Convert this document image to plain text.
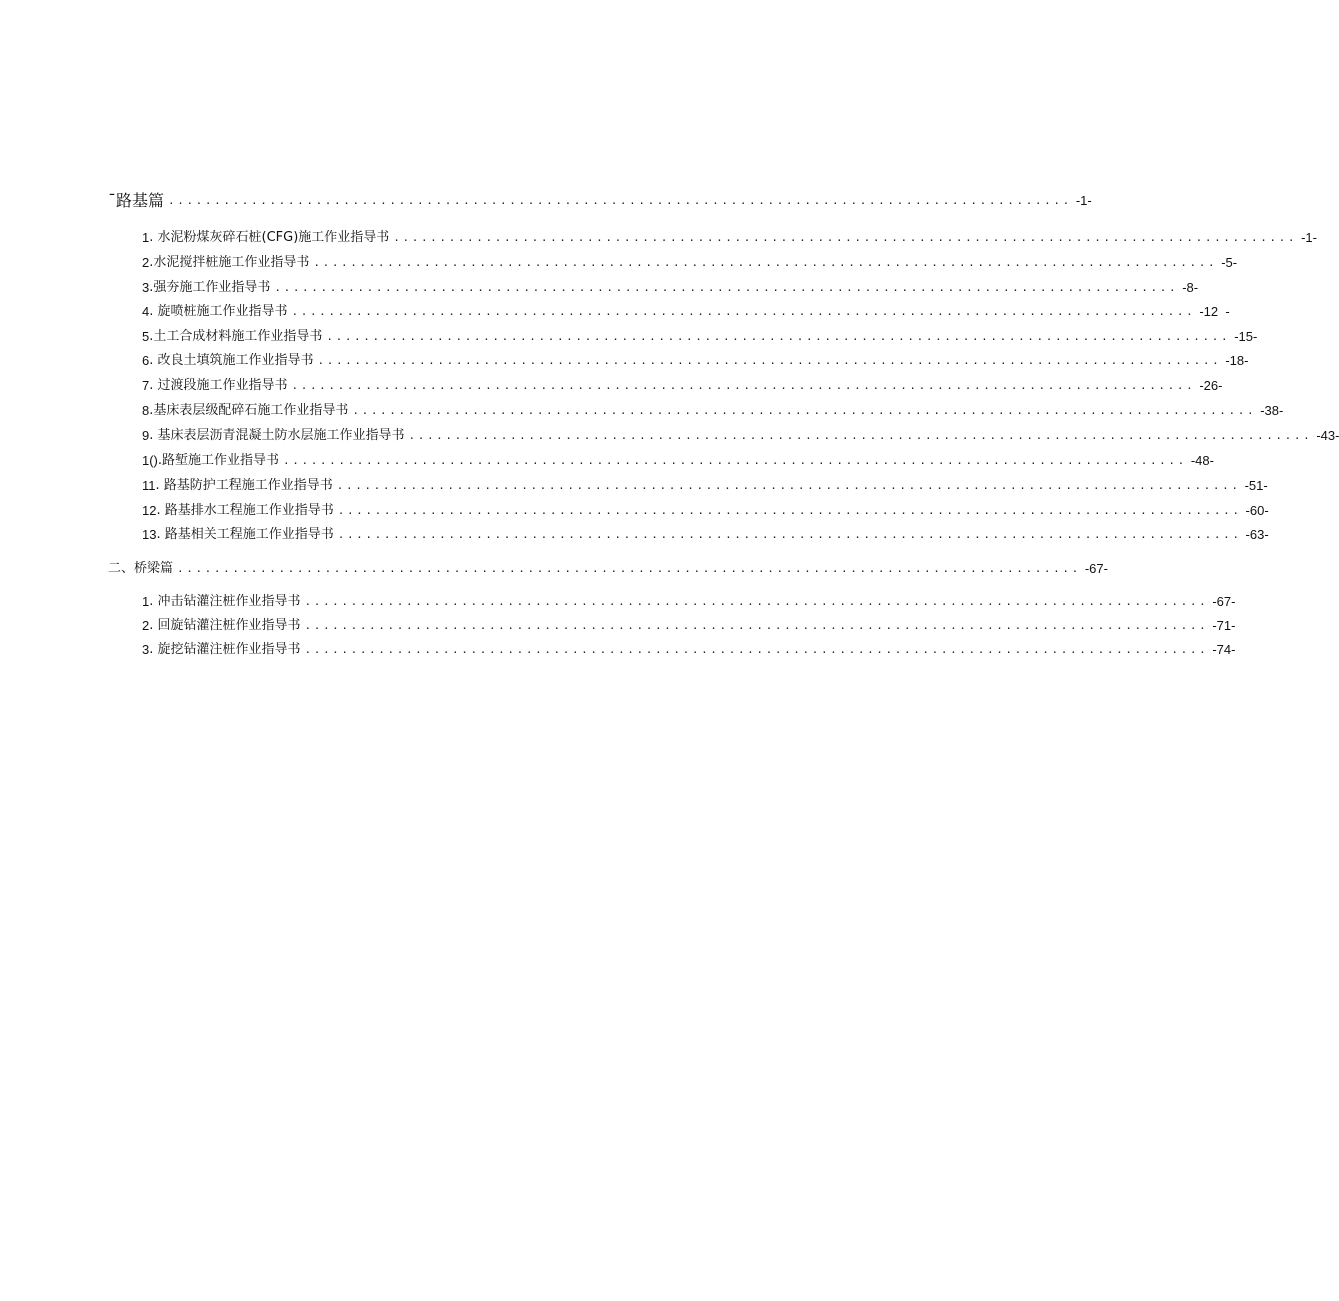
¯路基篇 .................................................................................................. -1-
1 . 水泥粉煤灰碎石桩(CFG)施工作业指导书 .................................................................................................. -1-
2 .水泥搅拌桩施工作业指导书 .................................................................................................. -5-
3 .强夯施工作业指导书 .................................................................................................. -8-
4 . 旋喷桩施工作业指导书 .................................................................................................. -12  -
5 .土工合成材料施工作业指导书 .................................................................................................. -15-
6 . 改良土填筑施工作业指导书 .................................................................................................. -18-
7 . 过渡段施工作业指导书 .................................................................................................. -26-
8 .基床表层级配碎石施工作业指导书 .................................................................................................. -38-
9 . 基床表层沥青混凝土防水层施工作业指导书 .................................................................................................. -43-
1() .路堑施工作业指导书 .................................................................................................. -48-
11 . 路基防护工程施工作业指导书 .................................................................................................. -51-
12 . 路基排水工程施工作业指导书 .................................................................................................. -60-
13 . 路基相关工程施工作业指导书 .................................................................................................. -63-
二、桥梁篇 .................................................................................................. -67-
1 . 冲击钻灌注桩作业指导书 .................................................................................................. -67-
2 . 回旋钻灌注桩作业指导书 .................................................................................................. -71-
3 . 旋挖钻灌注桩作业指导书 .................................................................................................. -74-
